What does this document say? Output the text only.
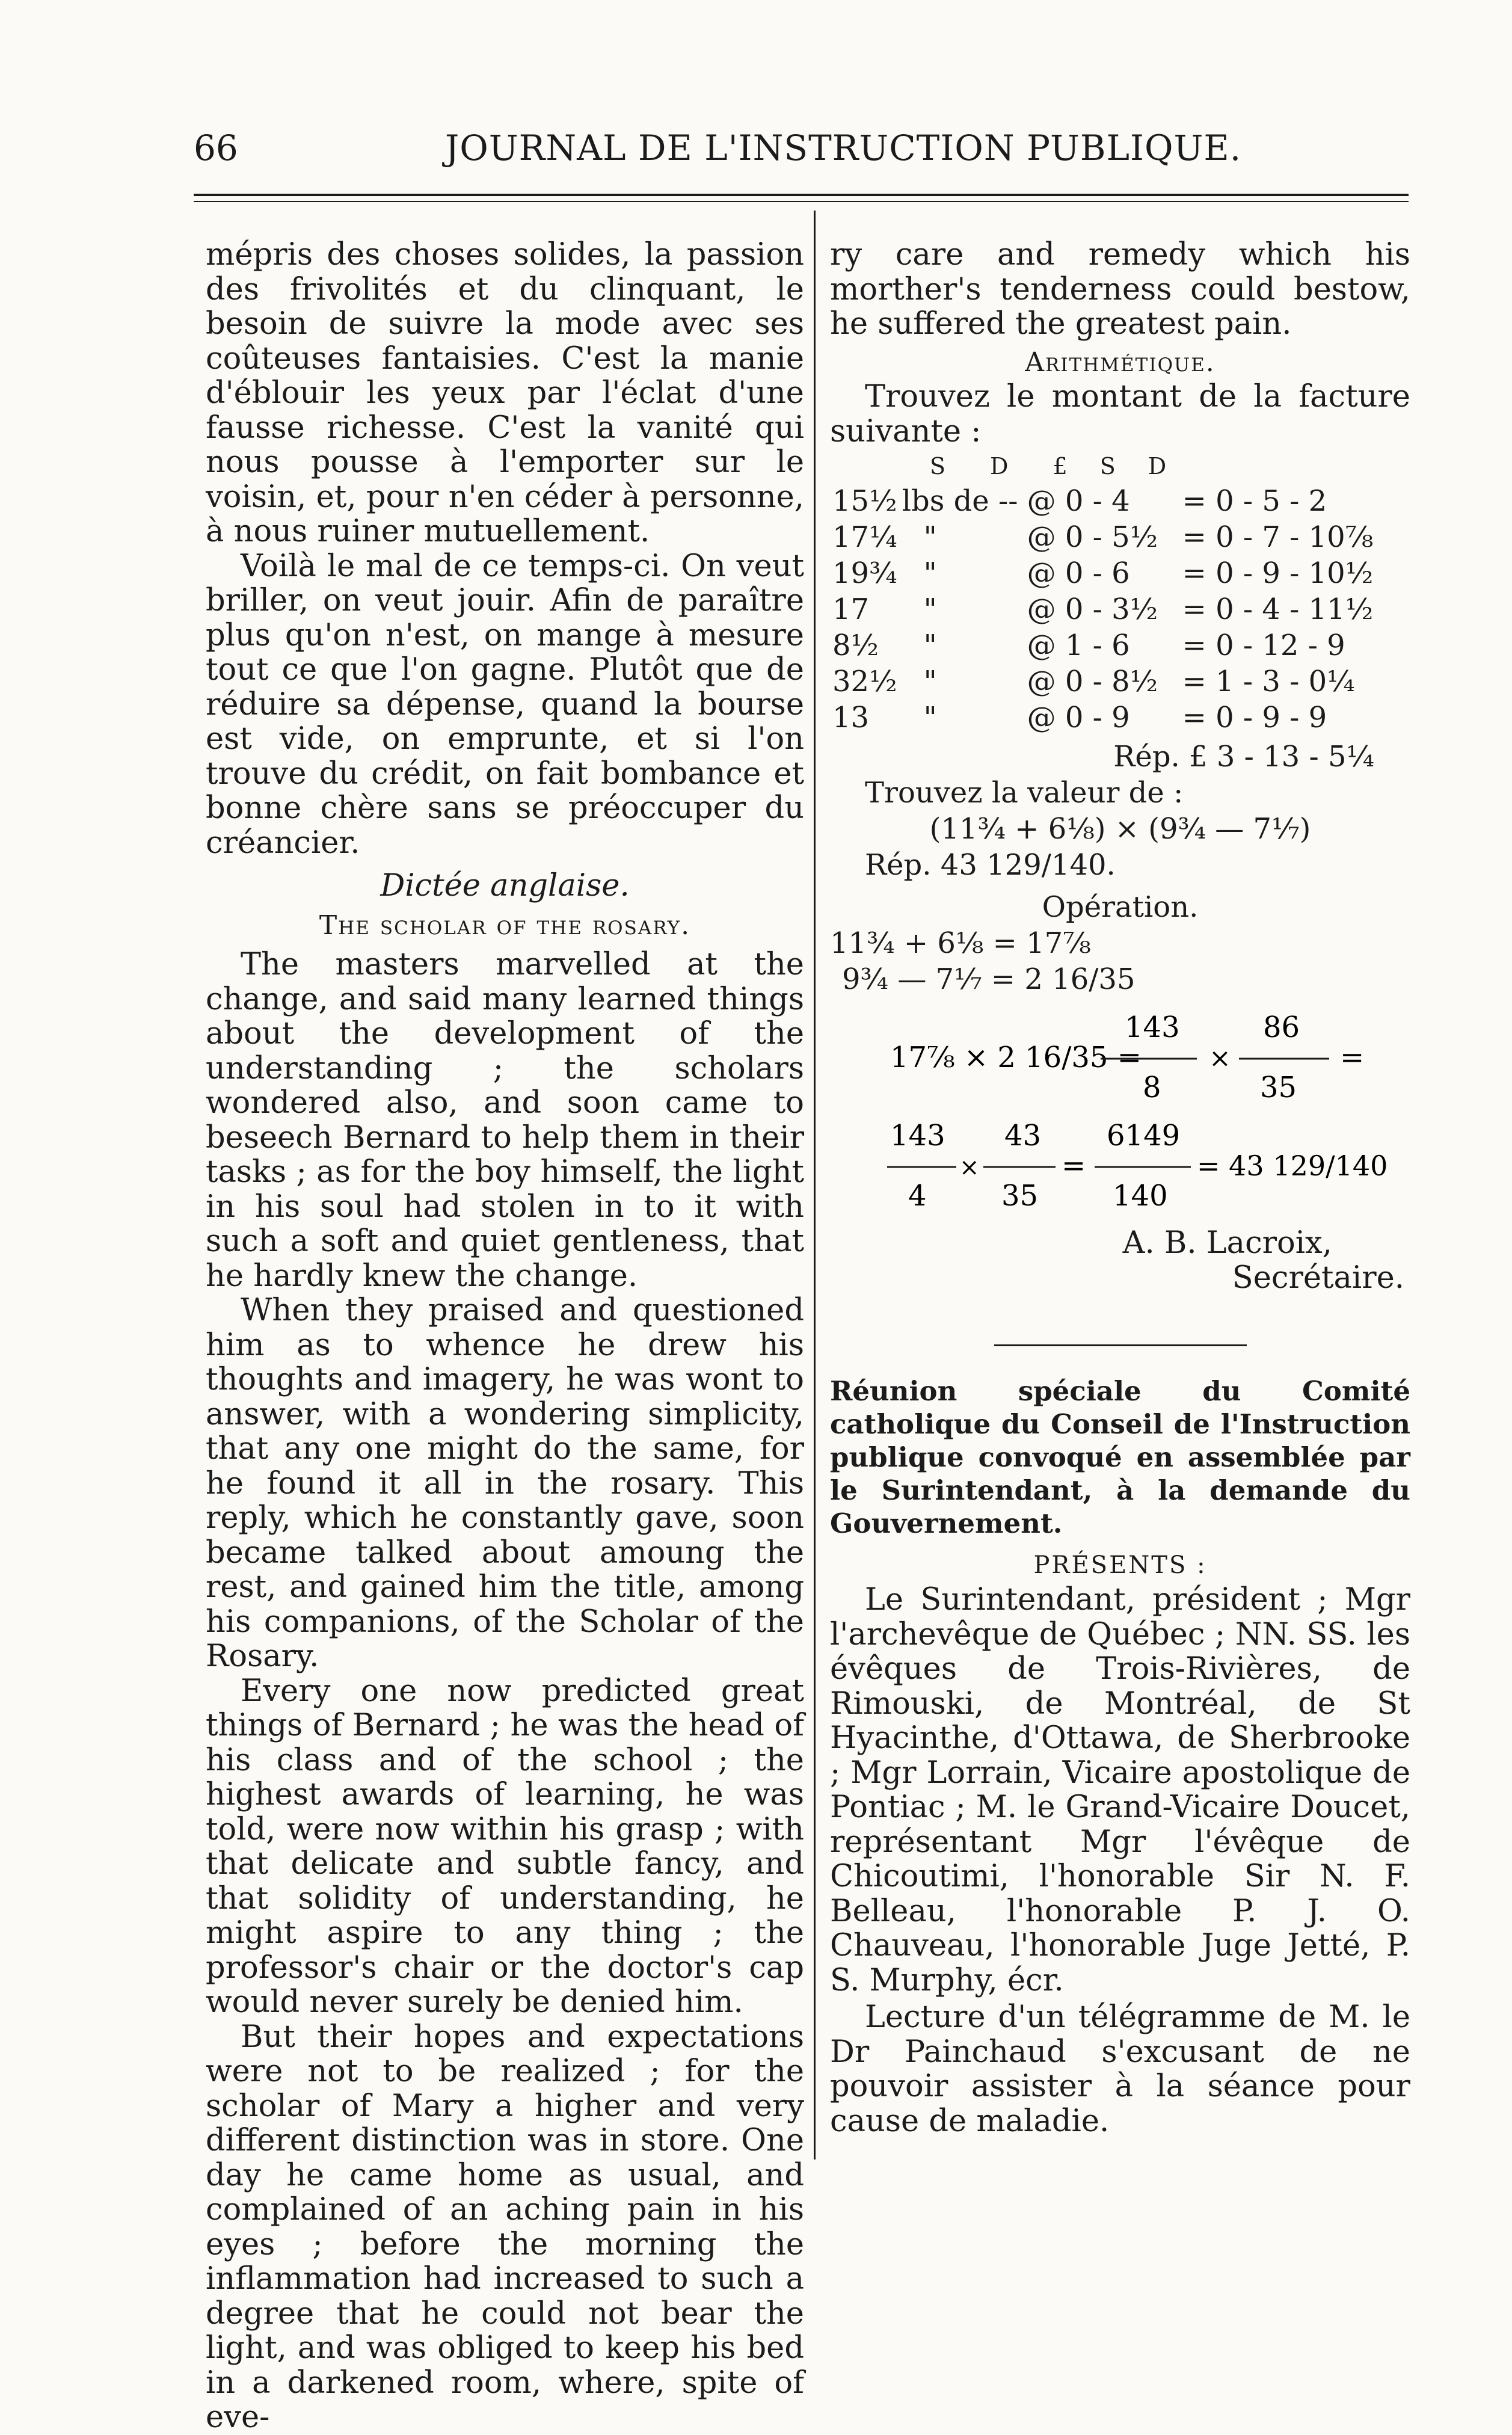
66	JOURNAL DE L'INSTRUCTION PUBLIQUE.

mépris des choses solides, la passion des frivolités et du clinquant, le besoin de suivre la mode avec ses coûteuses fantaisies. C'est la manie d'éblouir les yeux par l'éclat d'une fausse richesse. C'est la vanité qui nous pousse à l'emporter sur le voisin, et, pour n'en céder à personne, à nous ruiner mutuellement.

Voilà le mal de ce temps-ci. On veut briller, on veut jouir. Afin de paraître plus qu'on n'est, on mange à mesure tout ce que l'on gagne. Plutôt que de réduire sa dépense, quand la bourse est vide, on emprunte, et si l'on trouve du crédit, on fait bombance et bonne chère sans se préoccuper du créancier.

Dictée anglaise.

The scholar of the rosary.

The masters marvelled at the change, and said many learned things about the development of the understanding ; the scholars wondered also, and soon came to beseech Bernard to help them in their tasks ; as for the boy himself, the light in his soul had stolen in to it with such a soft and quiet gentleness, that he hardly knew the change.

When they praised and questioned him as to whence he drew his thoughts and imagery, he was wont to answer, with a wondering simplicity, that any one might do the same, for he found it all in the rosary. This reply, which he constantly gave, soon became talked about amoung the rest, and gained him the title, among his companions, of the Scholar of the Rosary.

Every one now predicted great things of Bernard ; he was the head of his class and of the school ; the highest awards of learning, he was told, were now within his grasp ; with that delicate and subtle fancy, and that solidity of understanding, he might aspire to any thing ; the professor's chair or the doctor's cap would never surely be denied him.

But their hopes and expectations were not to be realized ; for the scholar of Mary a higher and very different distinction was in store. One day he came home as usual, and complained of an aching pain in his eyes ; before the morning the inflammation had increased to such a degree that he could not bear the light, and was obliged to keep his bed in a darkened room, where, spite of eve-

ry care and remedy which his morther's tenderness could bestow, he suffered the greatest pain.

Arithmétique.

Trouvez le montant de la facture suivante :

		S	D	£	S	D
15½	lbs de --	@ 0 - 4	= 0 - 5 - 2
17¼	"	@ 0 - 5½	= 0 - 7 - 10⅞
19¾	"	@ 0 - 6	= 0 - 9 - 10½
17	"	@ 0 - 3½	= 0 - 4 - 11½
8½	"	@ 1 - 6	= 0 - 12 - 9
32½	"	@ 0 - 8½	= 1 - 3 - 0¼
13	"	@ 0 - 9	= 0 - 9 - 9

Rép. £ 3 - 13 - 5¼

Trouvez la valeur de :

(11¾ + 6⅛) × (9¾ — 7⅐)

Rép. 43 129/140.

Opération.

11¾ + 6⅛ = 17⅞

9¾ — 7⅐ = 2 16/35

17⅞ × 2 16/35 =
143
8
×
86
35
=
143
4
×
43
35
=
6149
140
= 43 129/140

A. B. Lacroix,

Secrétaire.

Réunion spéciale du Comité catholique du Conseil de l'Instruction publique convoqué en assemblée par le Surintendant, à la demande du Gouvernement.

PRÉSENTS :

Le Surintendant, président ; Mgr l'archevêque de Québec ; NN. SS. les évêques de Trois-Rivières, de Rimouski, de Montréal, de St Hyacinthe, d'Ottawa, de Sherbrooke ; Mgr Lorrain, Vicaire apostolique de Pontiac ; M. le Grand-Vicaire Doucet, représentant Mgr l'évêque de Chicoutimi, l'honorable Sir N. F. Belleau, l'honorable P. J. O. Chauveau, l'honorable Juge Jetté, P. S. Murphy, écr.

Lecture d'un télégramme de M. le Dr Painchaud s'excusant de ne pouvoir assister à la séance pour cause de maladie.
